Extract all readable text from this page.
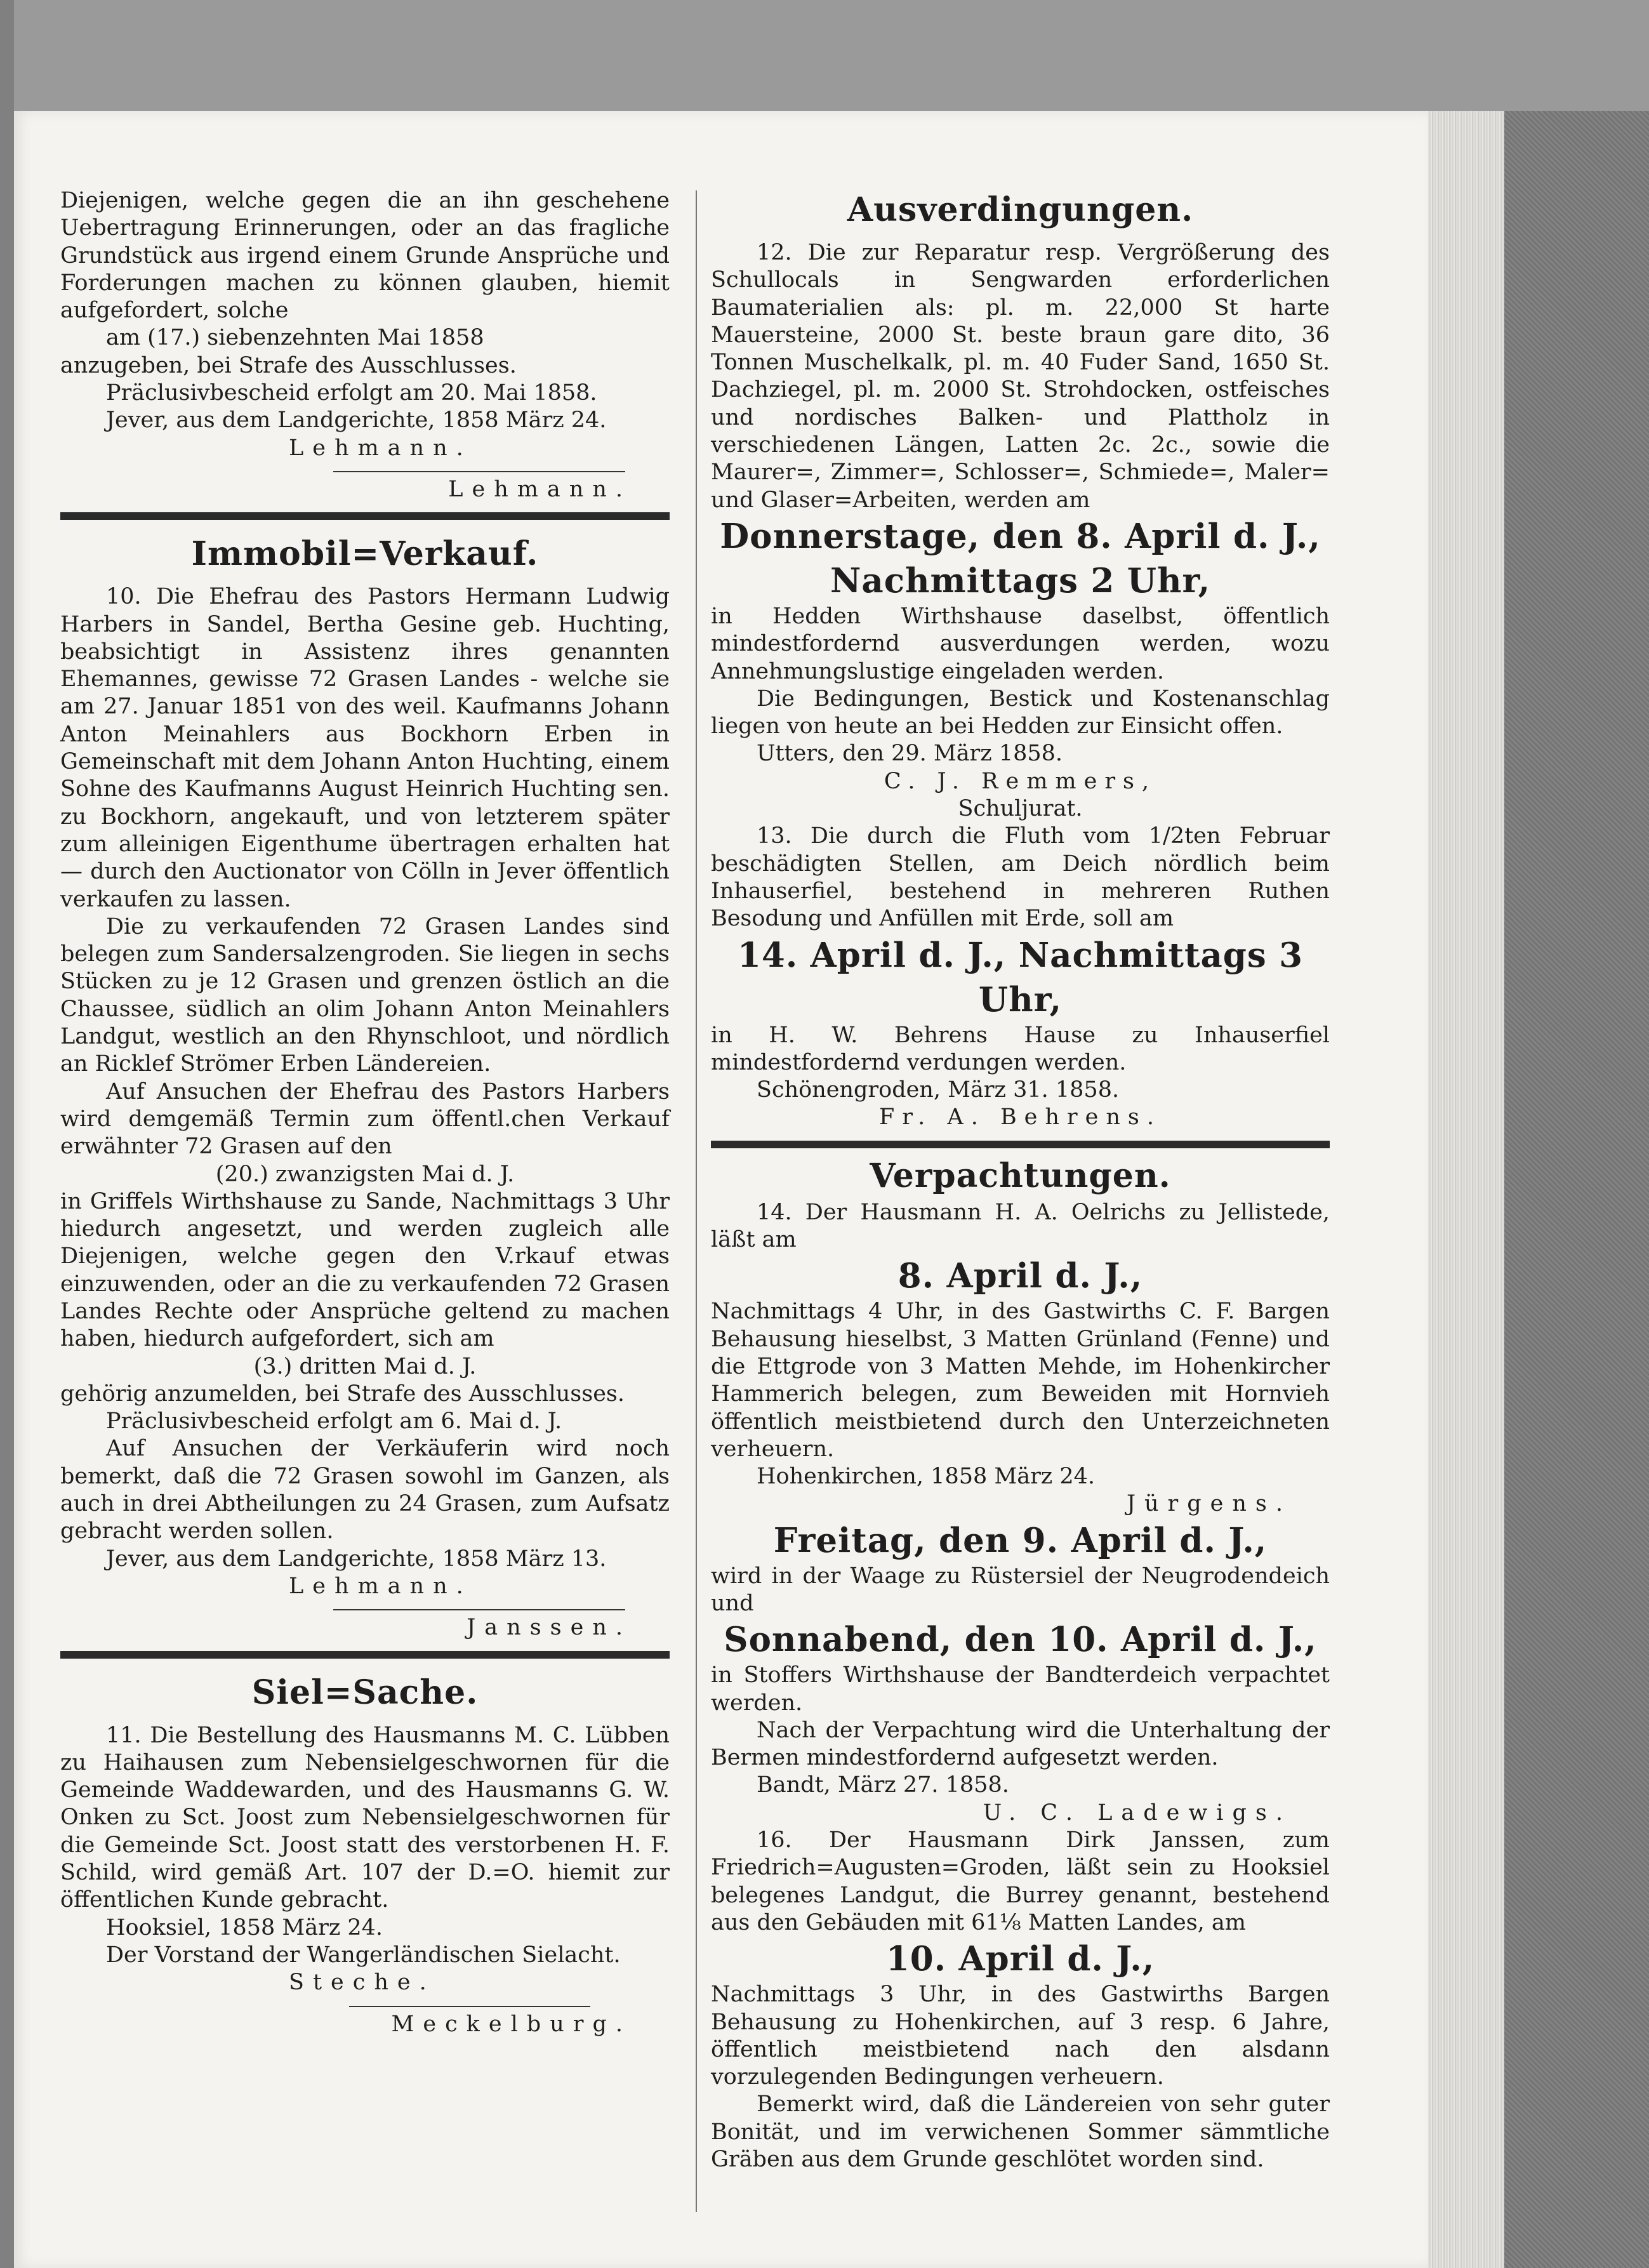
Diejenigen, welche gegen die an ihn geschehene Uebertragung Erinnerungen, oder an das fragliche Grundstück aus irgend einem Grunde Ansprüche und Forderungen machen zu können glauben, hiemit aufgefordert, solche

am (17.) siebenzehnten Mai 1858

anzugeben, bei Strafe des Ausschlusses.

Präclusivbescheid erfolgt am 20. Mai 1858.

Jever, aus dem Landgerichte, 1858 März 24.

Lehmann.

Lehmann.

Immobil=Verkauf.

10. Die Ehefrau des Pastors Hermann Ludwig Harbers in Sandel, Bertha Gesine geb. Huchting, beabsichtigt in Assistenz ihres genannten Ehemannes, gewisse 72 Grasen Landes - welche sie am 27. Januar 1851 von des weil. Kaufmanns Johann Anton Meinahlers aus Bockhorn Erben in Gemeinschaft mit dem Johann Anton Huchting, einem Sohne des Kaufmanns August Heinrich Huchting sen. zu Bockhorn, angekauft, und von letzterem später zum alleinigen Eigenthume übertragen erhalten hat — durch den Auctionator von Cölln in Jever öffentlich verkaufen zu lassen.

Die zu verkaufenden 72 Grasen Landes sind belegen zum Sandersalzengroden. Sie liegen in sechs Stücken zu je 12 Grasen und grenzen östlich an die Chaussee, südlich an olim Johann Anton Meinahlers Landgut, westlich an den Rhynschloot, und nördlich an Ricklef Strömer Erben Ländereien.

Auf Ansuchen der Ehefrau des Pastors Harbers wird demgemäß Termin zum öffentl.chen Verkauf erwähnter 72 Grasen auf den

(20.) zwanzigsten Mai d. J.

in Griffels Wirthshause zu Sande, Nachmittags 3 Uhr hiedurch angesetzt, und werden zugleich alle Diejenigen, welche gegen den V.rkauf etwas einzuwenden, oder an die zu verkaufenden 72 Grasen Landes Rechte oder Ansprüche geltend zu machen haben, hiedurch aufgefordert, sich am

(3.) dritten Mai d. J.

gehörig anzumelden, bei Strafe des Ausschlusses.

Präclusivbescheid erfolgt am 6. Mai d. J.

Auf Ansuchen der Verkäuferin wird noch bemerkt, daß die 72 Grasen sowohl im Ganzen, als auch in drei Abtheilungen zu 24 Grasen, zum Aufsatz gebracht werden sollen.

Jever, aus dem Landgerichte, 1858 März 13.

Lehmann.

Janssen.

Siel=Sache.

11. Die Bestellung des Hausmanns M. C. Lübben zu Haihausen zum Nebensielgeschwornen für die Gemeinde Waddewarden, und des Hausmanns G. W. Onken zu Sct. Joost zum Nebensielgeschwornen für die Gemeinde Sct. Joost statt des verstorbenen H. F. Schild, wird gemäß Art. 107 der D.=O. hiemit zur öffentlichen Kunde gebracht.

Hooksiel, 1858 März 24.

Der Vorstand der Wangerländischen Sielacht.

Steche.

Meckelburg.

Ausverdingungen.

12. Die zur Reparatur resp. Vergrößerung des Schullocals in Sengwarden erforderlichen Baumaterialien als: pl. m. 22,000 St harte Mauersteine, 2000 St. beste braun gare dito, 36 Tonnen Muschelkalk, pl. m. 40 Fuder Sand, 1650 St. Dachziegel, pl. m. 2000 St. Strohdocken, ostfeisches und nordisches Balken- und Plattholz in verschiedenen Längen, Latten 2c. 2c., sowie die Maurer=, Zimmer=, Schlosser=, Schmiede=, Maler= und Glaser=Arbeiten, werden am

Donnerstage, den 8. April d. J.,

Nachmittags 2 Uhr,

in Hedden Wirthshause daselbst, öffentlich mindestfordernd ausverdungen werden, wozu Annehmungslustige eingeladen werden.

Die Bedingungen, Bestick und Kostenanschlag liegen von heute an bei Hedden zur Einsicht offen.

Utters, den 29. März 1858.

C. J. Remmers,

Schuljurat.

13. Die durch die Fluth vom 1/2ten Februar beschädigten Stellen, am Deich nördlich beim Inhauserfiel, bestehend in mehreren Ruthen Besodung und Anfüllen mit Erde, soll am

14. April d. J., Nachmittags 3 Uhr,

in H. W. Behrens Hause zu Inhauserfiel mindestfordernd verdungen werden.

Schönengroden, März 31. 1858.

Fr. A. Behrens.

Verpachtungen.

14. Der Hausmann H. A. Oelrichs zu Jellistede, läßt am

8. April d. J.,

Nachmittags 4 Uhr, in des Gastwirths C. F. Bargen Behausung hieselbst, 3 Matten Grünland (Fenne) und die Ettgrode von 3 Matten Mehde, im Hohenkircher Hammerich belegen, zum Beweiden mit Hornvieh öffentlich meistbietend durch den Unterzeichneten verheuern.

Hohenkirchen, 1858 März 24.

Jürgens.

Freitag, den 9. April d. J.,

wird in der Waage zu Rüstersiel der Neugrodendeich und

Sonnabend, den 10. April d. J.,

in Stoffers Wirthshause der Bandterdeich verpachtet werden.

Nach der Verpachtung wird die Unterhaltung der Bermen mindestfordernd aufgesetzt werden.

Bandt, März 27. 1858.

U. C. Ladewigs.

16. Der Hausmann Dirk Janssen, zum Friedrich=Augusten=Groden, läßt sein zu Hooksiel belegenes Landgut, die Burrey genannt, bestehend aus den Gebäuden mit 61⅛ Matten Landes, am

10. April d. J.,

Nachmittags 3 Uhr, in des Gastwirths Bargen Behausung zu Hohenkirchen, auf 3 resp. 6 Jahre, öffentlich meistbietend nach den alsdann vorzulegenden Bedingungen verheuern.

Bemerkt wird, daß die Ländereien von sehr guter Bonität, und im verwichenen Sommer sämmtliche Gräben aus dem Grunde geschlötet worden sind.
